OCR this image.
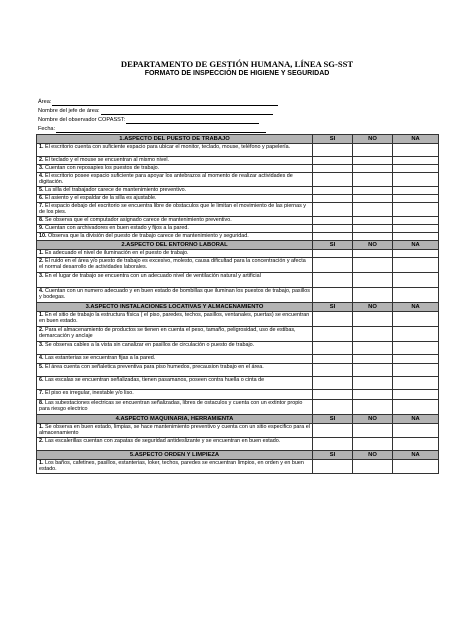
DEPARTAMENTO DE GESTIÓN HUMANA, LÍNEA SG-SST
FORMATO DE INSPECCIÓN DE HIGIENE Y SEGURIDAD
Área:
Nombre del jefe de área:
Nombre del observador COPASST:
Fecha:
1.ASPECTO DEL PUESTO DE TRABAJO	SI	NO	NA
1. El escritorio cuenta con suficiente espacio para ubicar el monitor, teclado, mouse, teléfono y papelería.			
2. El teclado y el mouse se encuentran al mismo nivel.			
3. Cuentan con reposapies los puestos de trabajo.			
4. El escritorio posee espacio suficiente para apoyar los antebrazos al momento de realizar actividades de digitación.			
5. La silla del trabajador carece de mantenimiento preventivo.			
6. El asiento y el espaldar de la silla es ajustable.			
7. El espacio debajo del escritorio se encuentra libre de obstaculos que le limitan el movimiento de las piernas y de los pies.			
8. Se observa que el computador asignado carece de mantenimiento preventivo.			
9. Cuentan con archivadores en buen estado y fijos a la pared.			
10. Observa que la división del puesto de trabajo carece de mantenimiento y seguridad.			
2.ASPECTO DEL ENTORNO LABORAL	SI	NO	NA
1. Es adecuado el nivel de iluminación en el puesto de trabajo.			
2. El ruido en el área y/o puesto de trabajo es excesivo, molesto, causa dificultad para la concentración y afecta el normal desarrollo de actividades laborales.			
3. En el lugar de trabajo se encuentra con un adecuado nivel de ventilación natural y artificial			
4. Cuentan con un numero adecuado y en buen estado de bombillas que iluminan los puestos de trabajo, pasillos y bodegas.			
3.ASPECTO INSTALACIONES LOCATIVAS Y ALMACENAMIENTO	SI	NO	NA
1. En el sitio de trabajo la estructura física ( el piso, paredes, techos, pasillos, ventanales, puertas) se encuentran en buen estado.			
2. Para el almacenamiento de productos se tienen en cuenta el peso, tamaño, peligrosidad, uso de estibas, demarcación y anclaje			
3. Se observa cables a la vista sin canalizar en pasillos de circulación o puesto de trabajo.			
4. Las estanterias se encuentran fijas a la pared.			
5. El área cuenta con señaletica preventiva para piso humedos, precausion trabajo en el área.			
6. Las escalas se encuentran señalizadas, tienen pasamanos, poseen contra huella o cinta de			
7. El piso es irregular, inestable y/o liso.			
8. Las subestaciones electricas se encuentran señalizadas, libres de ostaculos y cuenta con un extintor propio para riesgo electrico			
4.ASPECTO MAQUINARIA, HERRAMIENTA	SI	NO	NA
1. Se observa en buen estado, limpias, se hace mantenimiento preventivo y cuenta con un sitio especifico para el almacenamiento			
2. Las escalerillas cuentan con zapatas de seguridad antideslizante y se encuentran en buen estado.			
5.ASPECTO ORDEN Y LIMPIEZA	SI	NO	NA
1. Los baños, cafetines, pasillos, estanterias, loker, techos, paredes se encuentran limpios, en orden y en buen estado.			
